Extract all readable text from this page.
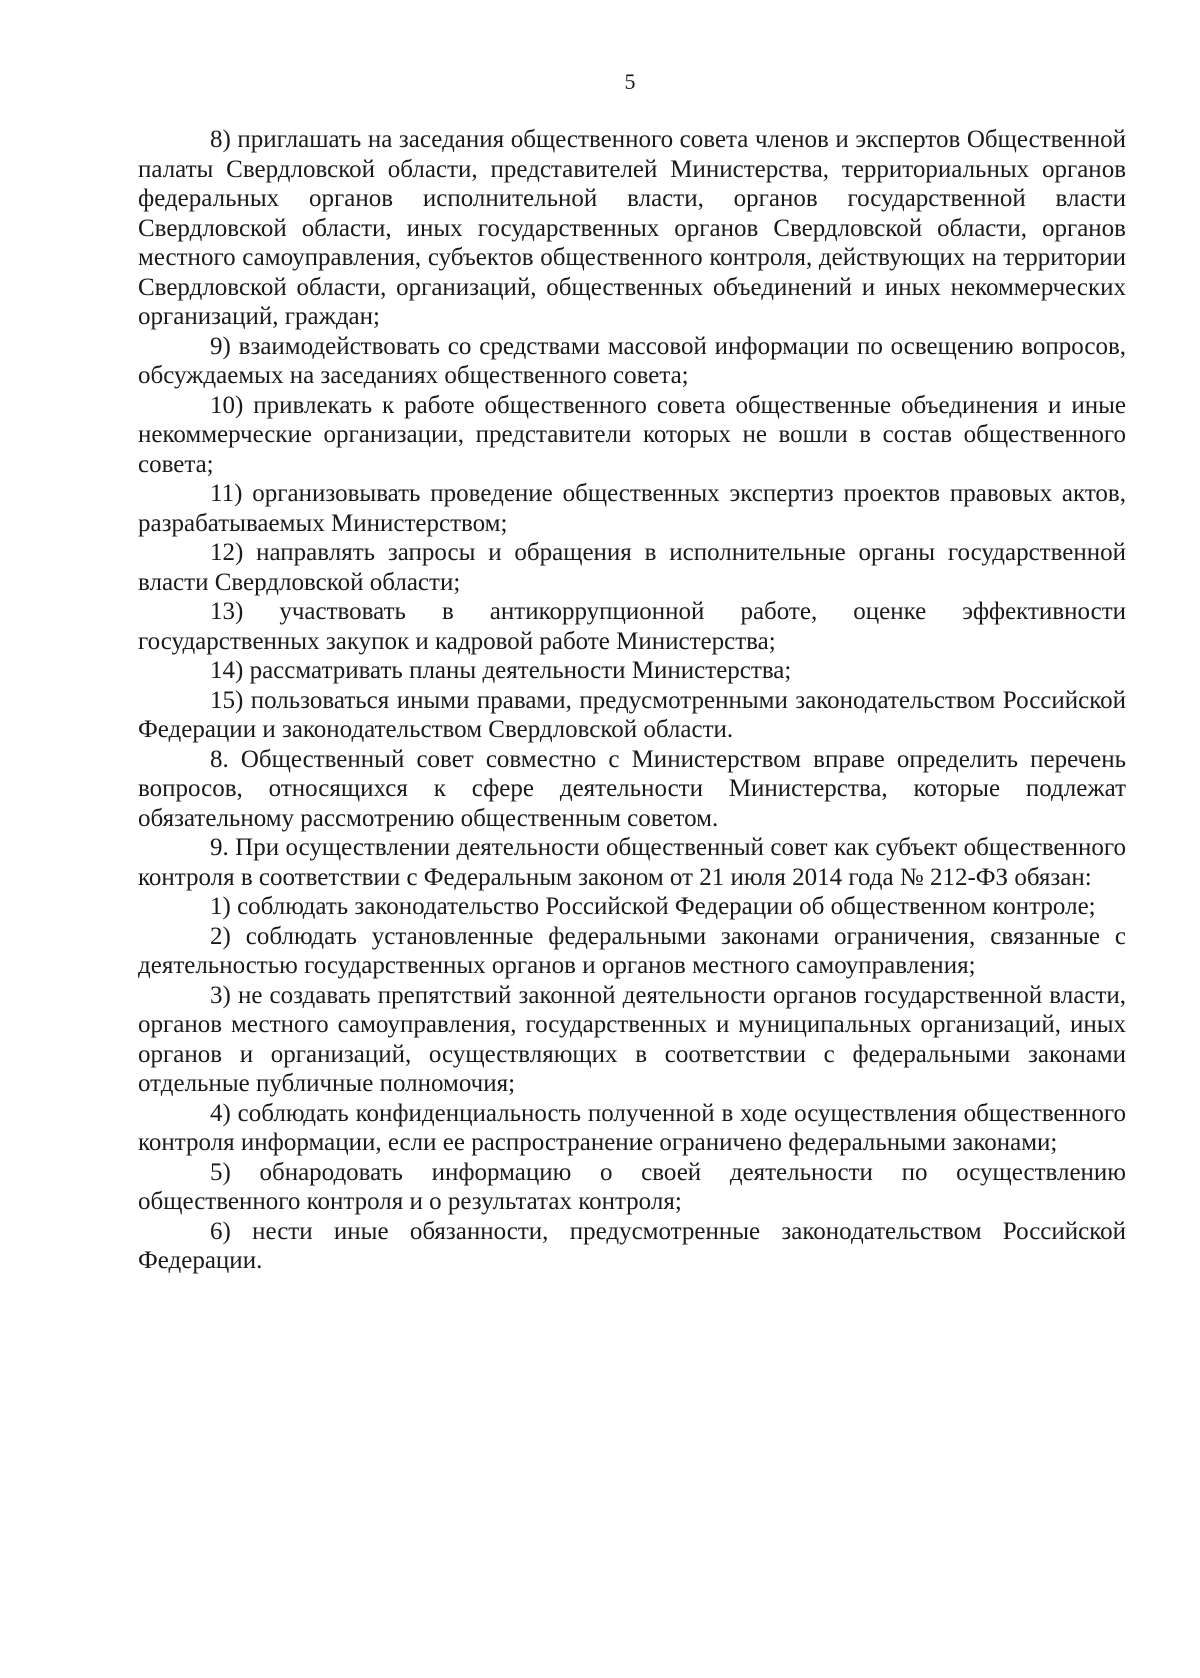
5

8) приглашать на заседания общественного совета членов и экспертов Общественной палаты Свердловской области, представителей Министерства, территориальных органов федеральных органов исполнительной власти, органов государственной власти Свердловской области, иных государственных органов Свердловской области, органов местного самоуправления, субъектов общественного контроля, действующих на территории Свердловской области, организаций, общественных объединений и иных некоммерческих организаций, граждан;

9) взаимодействовать со средствами массовой информации по освещению вопросов, обсуждаемых на заседаниях общественного совета;

10) привлекать к работе общественного совета общественные объединения и иные некоммерческие организации, представители которых не вошли в состав общественного совета;

11) организовывать проведение общественных экспертиз проектов правовых актов, разрабатываемых Министерством;

12) направлять запросы и обращения в исполнительные органы государственной власти Свердловской области;

13) участвовать в антикоррупционной работе, оценке эффективности государственных закупок и кадровой работе Министерства;

14) рассматривать планы деятельности Министерства;

15) пользоваться иными правами, предусмотренными законодательством Российской Федерации и законодательством Свердловской области.

8. Общественный совет совместно с Министерством вправе определить перечень вопросов, относящихся к сфере деятельности Министерства, которые подлежат обязательному рассмотрению общественным советом.

9. При осуществлении деятельности общественный совет как субъект общественного контроля в соответствии с Федеральным законом от 21 июля 2014 года № 212-ФЗ обязан:

1) соблюдать законодательство Российской Федерации об общественном контроле;

2) соблюдать установленные федеральными законами ограничения, связанные с деятельностью государственных органов и органов местного самоуправления;

3) не создавать препятствий законной деятельности органов государственной власти, органов местного самоуправления, государственных и муниципальных организаций, иных органов и организаций, осуществляющих в соответствии с федеральными законами отдельные публичные полномочия;

4) соблюдать конфиденциальность полученной в ходе осуществления общественного контроля информации, если ее распространение ограничено федеральными законами;

5) обнародовать информацию о своей деятельности по осуществлению общественного контроля и о результатах контроля;

6) нести иные обязанности, предусмотренные законодательством Российской Федерации.
